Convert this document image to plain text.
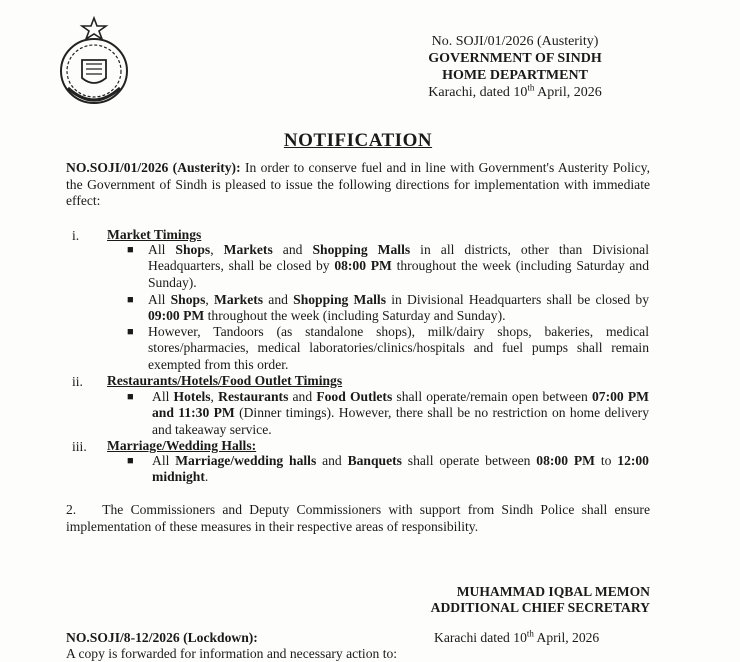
No. SOJI/01/2026 (Austerity)
GOVERNMENT OF SINDH
HOME DEPARTMENT
Karachi, dated 10th April, 2026
NOTIFICATION
NO.SOJI/01/2026 (Austerity): In order to conserve fuel and in line with Government's Austerity Policy, the Government of Sindh is pleased to issue the following directions for implementation with immediate effect:
i. Market Timings
■ All Shops, Markets and Shopping Malls in all districts, other than Divisional Headquarters, shall be closed by 08:00 PM throughout the week (including Saturday and Sunday).
■ All Shops, Markets and Shopping Malls in Divisional Headquarters shall be closed by 09:00 PM throughout the week (including Saturday and Sunday).
■ However, Tandoors (as standalone shops), milk/dairy shops, bakeries, medical stores/pharmacies, medical laboratories/clinics/hospitals and fuel pumps shall remain exempted from this order.
ii. Restaurants/Hotels/Food Outlet Timings
■ All Hotels, Restaurants and Food Outlets shall operate/remain open between 07:00 PM and 11:30 PM (Dinner timings). However, there shall be no restriction on home delivery and takeaway service.
iii. Marriage/Wedding Halls:
■ All Marriage/wedding halls and Banquets shall operate between 08:00 PM to 12:00 midnight.
2. The Commissioners and Deputy Commissioners with support from Sindh Police shall ensure implementation of these measures in their respective areas of responsibility.
MUHAMMAD IQBAL MEMON
ADDITIONAL CHIEF SECRETARY
NO.SOJI/8-12/2026 (Lockdown):	Karachi dated 10th April, 2026
A copy is forwarded for information and necessary action to:
